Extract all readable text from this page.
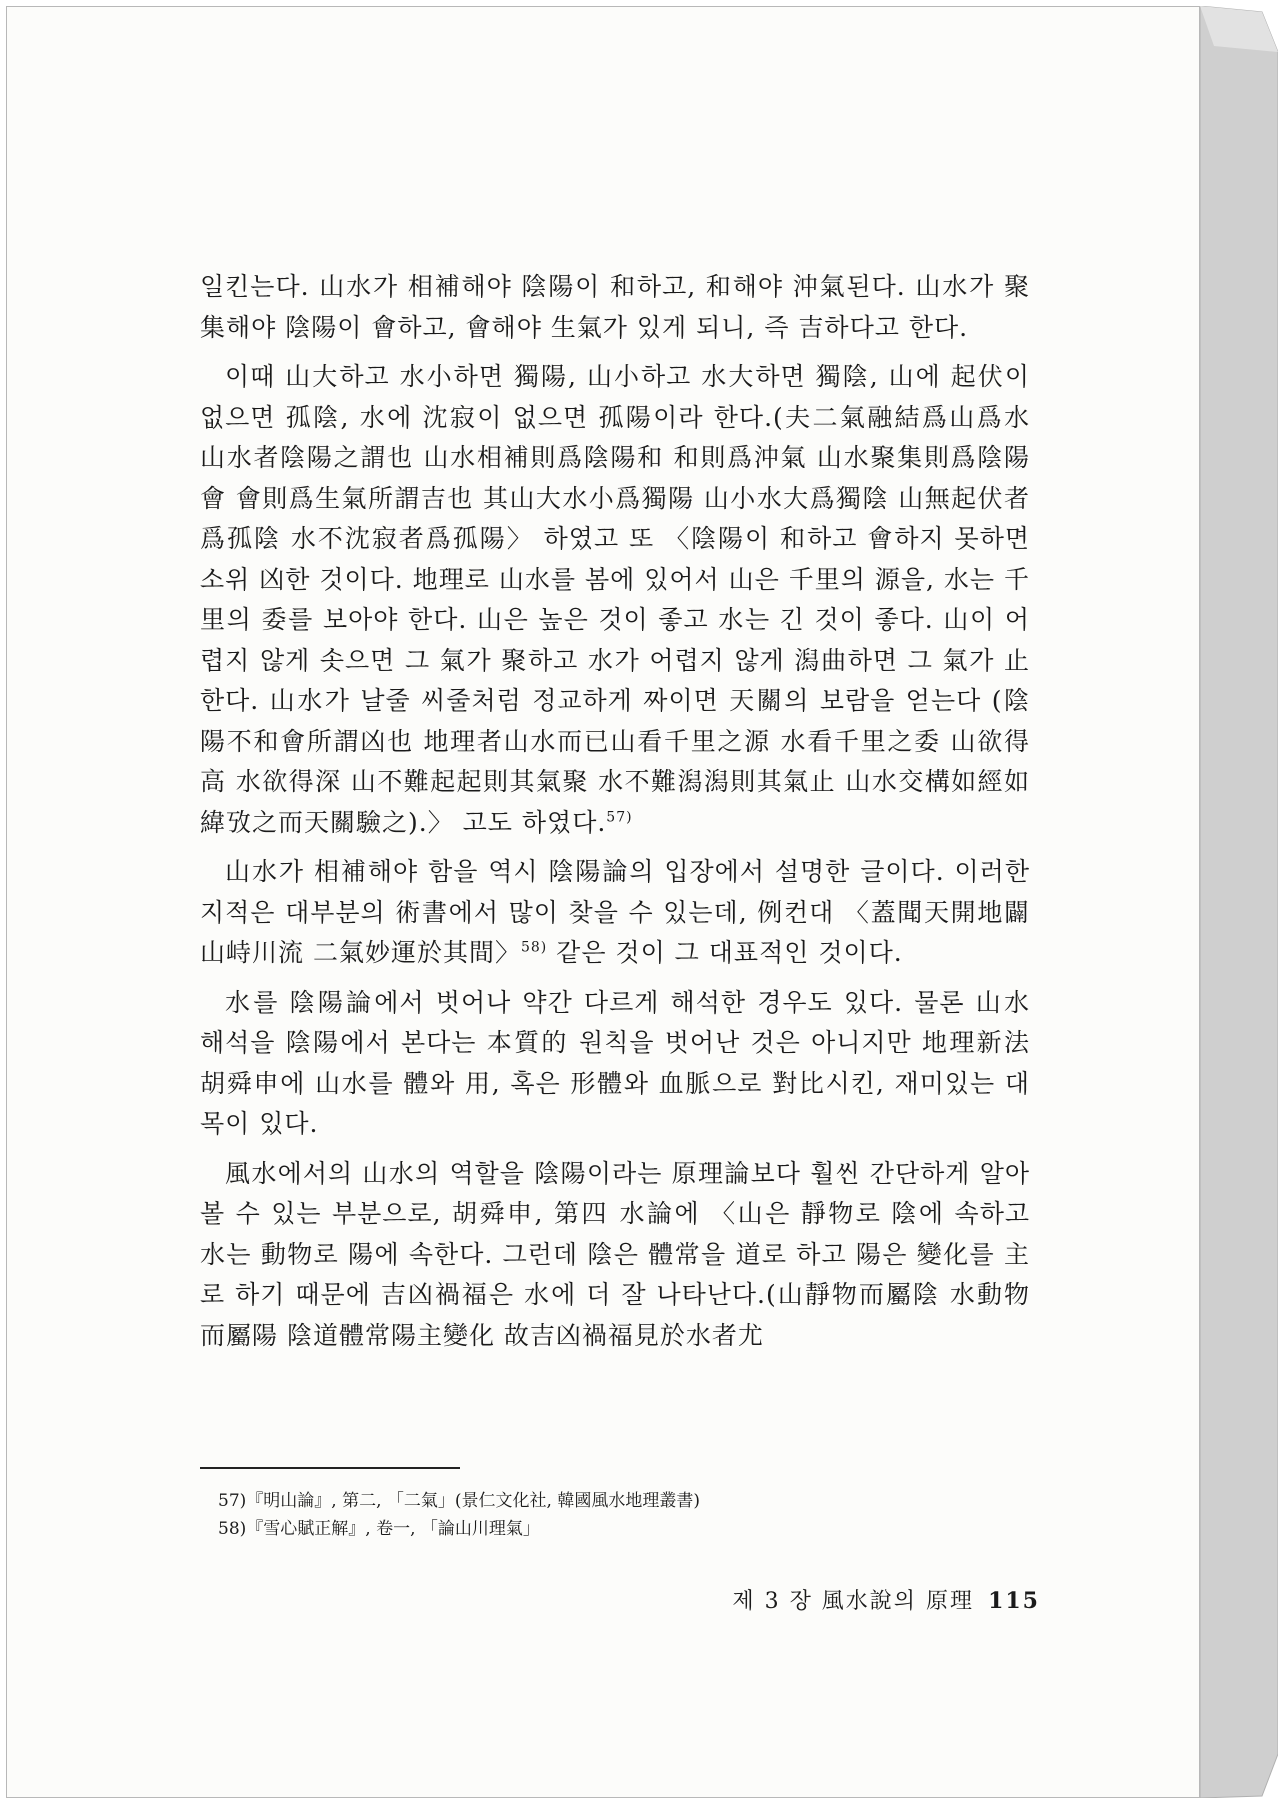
일킨는다. 山水가 相補해야 陰陽이 和하고, 和해야 沖氣된다. 山水가 聚集해야 陰陽이 會하고, 會해야 生氣가 있게 되니, 즉 吉하다고 한다.

이때 山大하고 水小하면 獨陽, 山小하고 水大하면 獨陰, 山에 起伏이 없으면 孤陰, 水에 沈寂이 없으면 孤陽이라 한다.(夫二氣融結爲山爲水 山水者陰陽之謂也 山水相補則爲陰陽和 和則爲沖氣 山水聚集則爲陰陽會 會則爲生氣所謂吉也 其山大水小爲獨陽 山小水大爲獨陰 山無起伏者爲孤陰 水不沈寂者爲孤陽〉 하였고 또 〈陰陽이 和하고 會하지 못하면 소위 凶한 것이다. 地理로 山水를 봄에 있어서 山은 千里의 源을, 水는 千里의 委를 보아야 한다. 山은 높은 것이 좋고 水는 긴 것이 좋다. 山이 어렵지 않게 솟으면 그 氣가 聚하고 水가 어렵지 않게 潟曲하면 그 氣가 止한다. 山水가 날줄 씨줄처럼 정교하게 짜이면 天關의 보람을 얻는다 (陰陽不和會所謂凶也 地理者山水而已山看千里之源 水看千里之委 山欲得高 水欲得深 山不難起起則其氣聚 水不難潟潟則其氣止 山水交構如經如緯攷之而天關驗之).〉 고도 하였다.$^{57)}$

山水가 相補해야 함을 역시 陰陽論의 입장에서 설명한 글이다. 이러한 지적은 대부분의 術書에서 많이 찾을 수 있는데, 例컨대 〈蓋聞天開地闢 山峙川流 二氣妙運於其間〉$^{58)}$ 같은 것이 그 대표적인 것이다.

水를 陰陽論에서 벗어나 약간 다르게 해석한 경우도 있다. 물론 山水 해석을 陰陽에서 본다는 本質的 원칙을 벗어난 것은 아니지만 地理新法 胡舜申에 山水를 體와 用, 혹은 形體와 血脈으로 對比시킨, 재미있는 대목이 있다.

風水에서의 山水의 역할을 陰陽이라는 原理論보다 훨씬 간단하게 알아볼 수 있는 부분으로, 胡舜申, 第四 水論에 〈山은 靜物로 陰에 속하고 水는 動物로 陽에 속한다. 그런데 陰은 體常을 道로 하고 陽은 變化를 主로 하기 때문에 吉凶禍福은 水에 더 잘 나타난다.(山靜物而屬陰 水動物而屬陽 陰道體常陽主變化 故吉凶禍福見於水者尤

57)『明山論』, 第二, 「二氣」(景仁文化社, 韓國風水地理叢書)
58)『雪心賦正解』, 卷一, 「論山川理氣」
제 3 장 風水說의 原理 115
